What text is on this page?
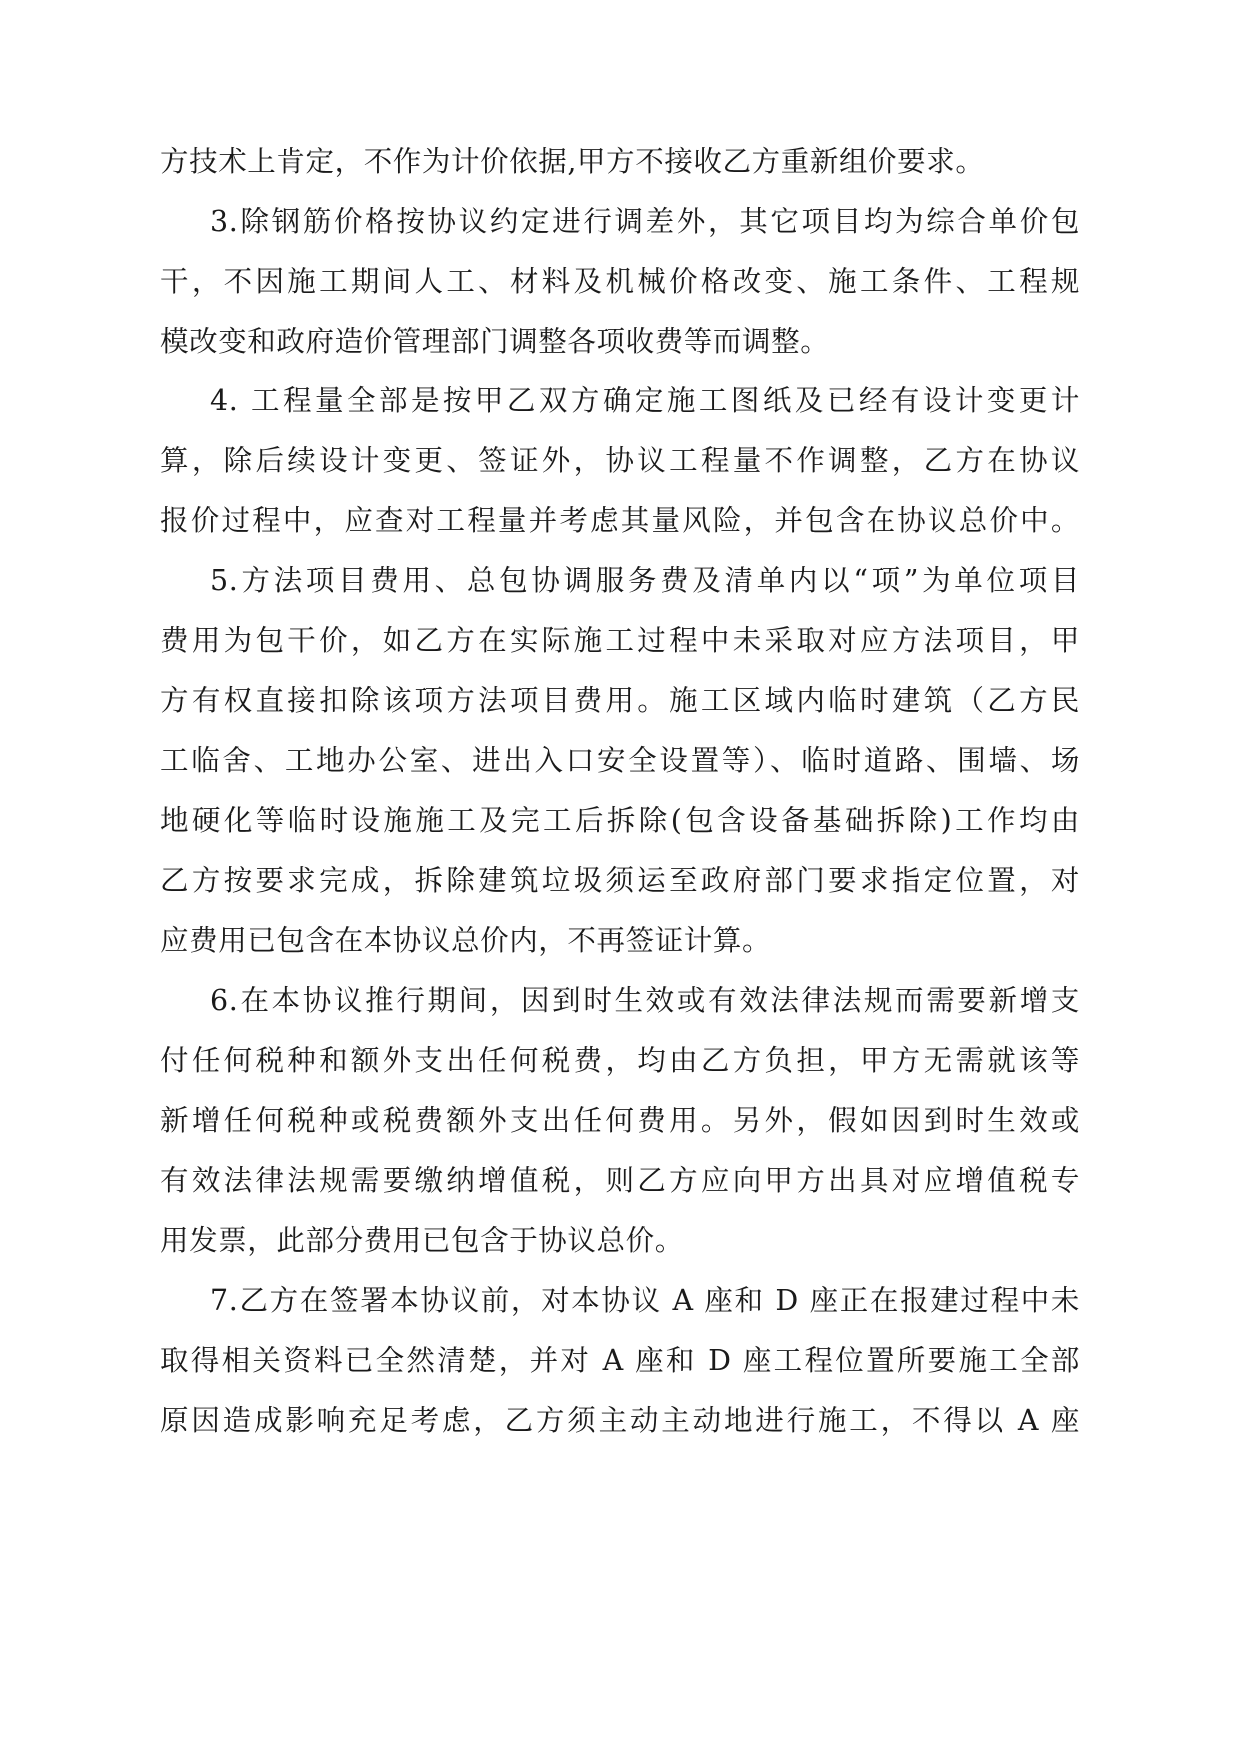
方技术上肯定，不作为计价依据,甲方不接收乙方重新组价要求。
3.除钢筋价格按协议约定进行调差外，其它项目均为综合单价包
干，不因施工期间人工、材料及机械价格改变、施工条件、工程规
模改变和政府造价管理部门调整各项收费等而调整。
4. 工程量全部是按甲乙双方确定施工图纸及已经有设计变更计
算，除后续设计变更、签证外，协议工程量不作调整，乙方在协议
报价过程中，应查对工程量并考虑其量风险，并包含在协议总价中。
5.方法项目费用、总包协调服务费及清单内以“项”为单位项目
费用为包干价，如乙方在实际施工过程中未采取对应方法项目，甲
方有权直接扣除该项方法项目费用。施工区域内临时建筑（乙方民
工临舍、工地办公室、进出入口安全设置等）、临时道路、围墙、场
地硬化等临时设施施工及完工后拆除(包含设备基础拆除)工作均由
乙方按要求完成，拆除建筑垃圾须运至政府部门要求指定位置，对
应费用已包含在本协议总价内，不再签证计算。
6.在本协议推行期间，因到时生效或有效法律法规而需要新增支
付任何税种和额外支出任何税费，均由乙方负担，甲方无需就该等
新增任何税种或税费额外支出任何费用。另外，假如因到时生效或
有效法律法规需要缴纳增值税，则乙方应向甲方出具对应增值税专
用发票，此部分费用已包含于协议总价。
7.乙方在签署本协议前，对本协议 A 座和 D 座正在报建过程中未
取得相关资料已全然清楚，并对 A 座和 D 座工程位置所要施工全部
原因造成影响充足考虑，乙方须主动主动地进行施工，不得以 A 座
